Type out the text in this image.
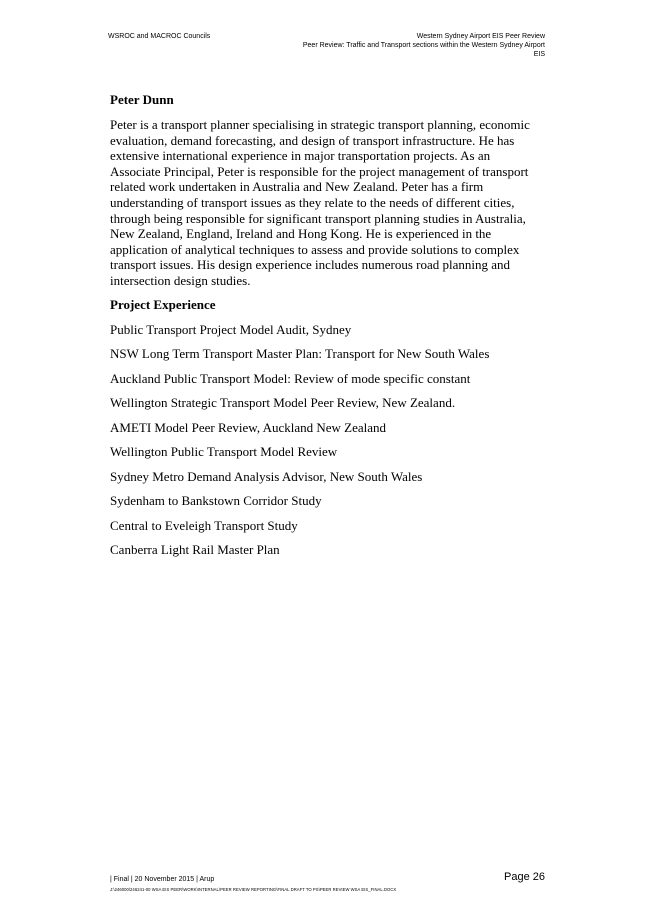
WSROC and MACROC Councils	Western Sydney Airport EIS Peer Review
Peer Review: Traffic and Transport sections within the Western Sydney Airport
EIS
Peter Dunn

Peter is a transport planner specialising in strategic transport planning, economic evaluation, demand forecasting, and design of transport infrastructure. He has extensive international experience in major transportation projects. As an Associate Principal, Peter is responsible for the project management of transport related work undertaken in Australia and New Zealand. Peter has a firm understanding of transport issues as they relate to the needs of different cities, through being responsible for significant transport planning studies in Australia, New Zealand, England, Ireland and Hong Kong. He is experienced in the application of analytical techniques to assess and provide solutions to complex transport issues. His design experience includes numerous road planning and intersection design studies.

Project Experience
Public Transport Project Model Audit, Sydney
NSW Long Term Transport Master Plan: Transport for New South Wales
Auckland Public Transport Model: Review of mode specific constant
Wellington Strategic Transport Model Peer Review, New Zealand.
AMETI Model Peer Review, Auckland New Zealand
Wellington Public Transport Model Review
Sydney Metro Demand Analysis Advisor, New South Wales
Sydenham to Bankstown Corridor Study
Central to Eveleigh Transport Study
Canberra Light Rail Master Plan
| Final | 20 November 2015 | Arup	Page 26
J:\246000\246241-00 WSA EIS PEER\WORK\INTERNAL\PEER REVIEW REPORTING\FINAL DRAFT TO PS\PEER REVIEW WSA EIS_FINAL.DOCX
